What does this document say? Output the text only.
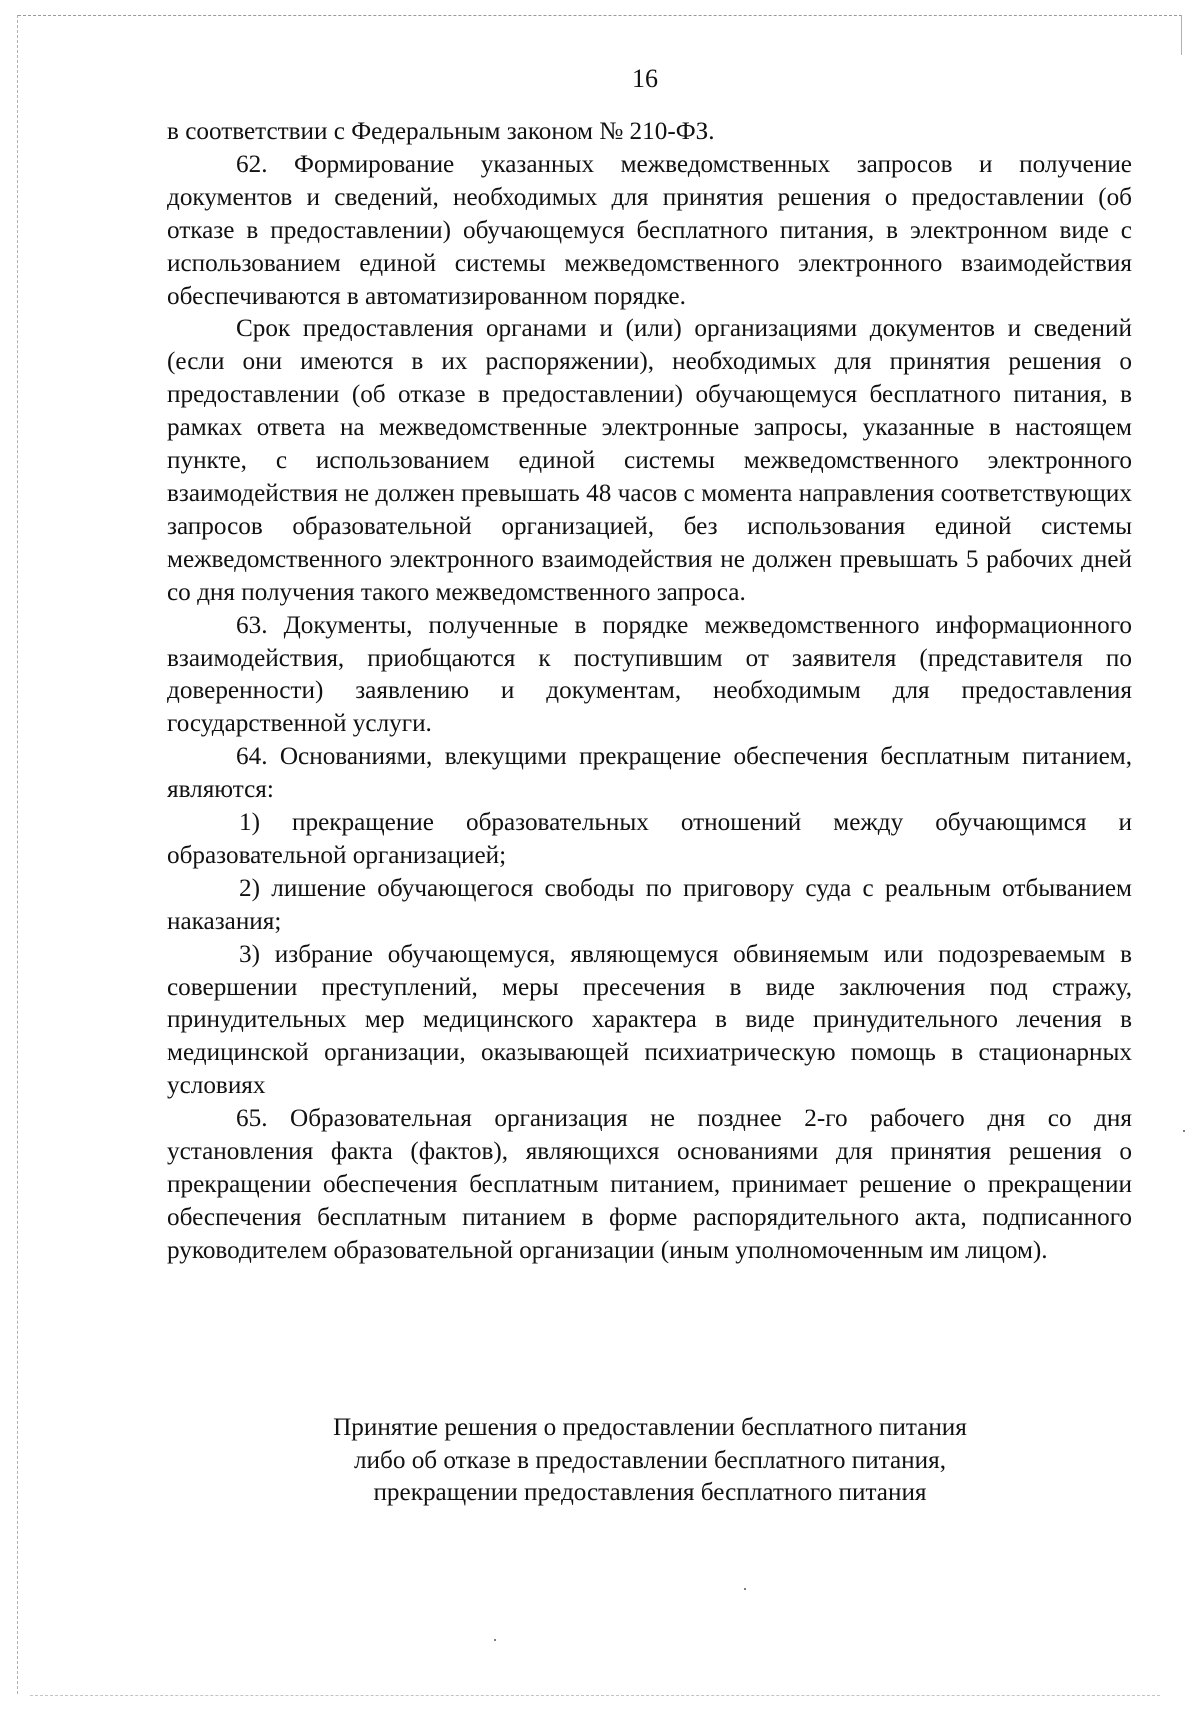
16

в соответствии с Федеральным законом № 210-ФЗ.

62. Формирование указанных межведомственных запросов и получение документов и сведений, необходимых для принятия решения о предоставлении (об отказе в предоставлении) обучающемуся бесплатного питания, в электронном виде с использованием единой системы межведомственного электронного взаимодействия обеспечиваются в автоматизированном порядке.

Срок предоставления органами и (или) организациями документов и сведений (если они имеются в их распоряжении), необходимых для принятия решения о предоставлении (об отказе в предоставлении) обучающемуся бесплатного питания, в рамках ответа на межведомственные электронные запросы, указанные в настоящем пункте, с использованием единой системы межведомственного электронного взаимодействия не должен превышать 48 часов с момента направления соответствующих запросов образовательной организацией, без использования единой системы межведомственного электронного взаимодействия не должен превышать 5 рабочих дней со дня получения такого межведомственного запроса.

63. Документы, полученные в порядке межведомственного информационного взаимодействия, приобщаются к поступившим от заявителя (представителя по доверенности) заявлению и документам, необходимым для предоставления государственной услуги.

64. Основаниями, влекущими прекращение обеспечения бесплатным питанием, являются:

1) прекращение образовательных отношений между обучающимся и образовательной организацией;

2) лишение обучающегося свободы по приговору суда с реальным отбыванием наказания;

3) избрание обучающемуся, являющемуся обвиняемым или подозреваемым в совершении преступлений, меры пресечения в виде заключения под стражу, принудительных мер медицинского характера в виде принудительного лечения в медицинской организации, оказывающей психиатрическую помощь в стационарных условиях

65. Образовательная организация не позднее 2-го рабочего дня со дня установления факта (фактов), являющихся основаниями для принятия решения о прекращении обеспечения бесплатным питанием, принимает решение о прекращении обеспечения бесплатным питанием в форме распорядительного акта, подписанного руководителем образовательной организации (иным уполномоченным им лицом).

Принятие решения о предоставлении бесплатного питания
либо об отказе в предоставлении бесплатного питания,
прекращении предоставления бесплатного питания
